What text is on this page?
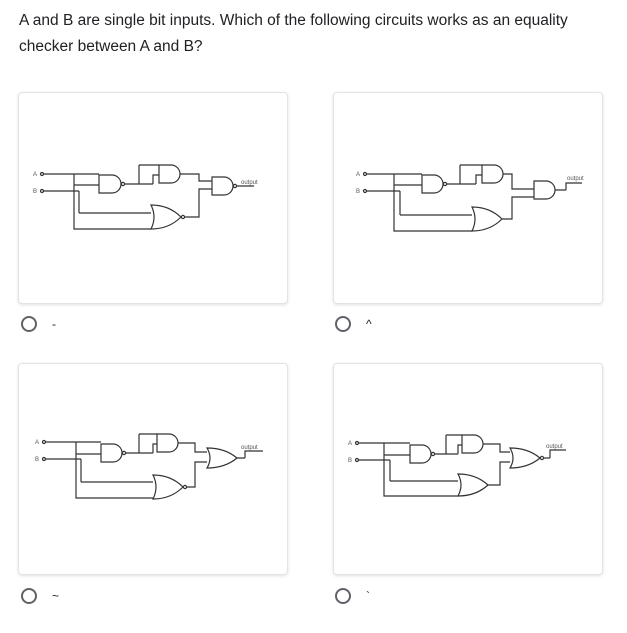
A and B are single bit inputs. Which of the following circuits works as an equality checker between A and B?
A
B
output
-
A
B
output
^
A
B
output
~
A
B
output
`
